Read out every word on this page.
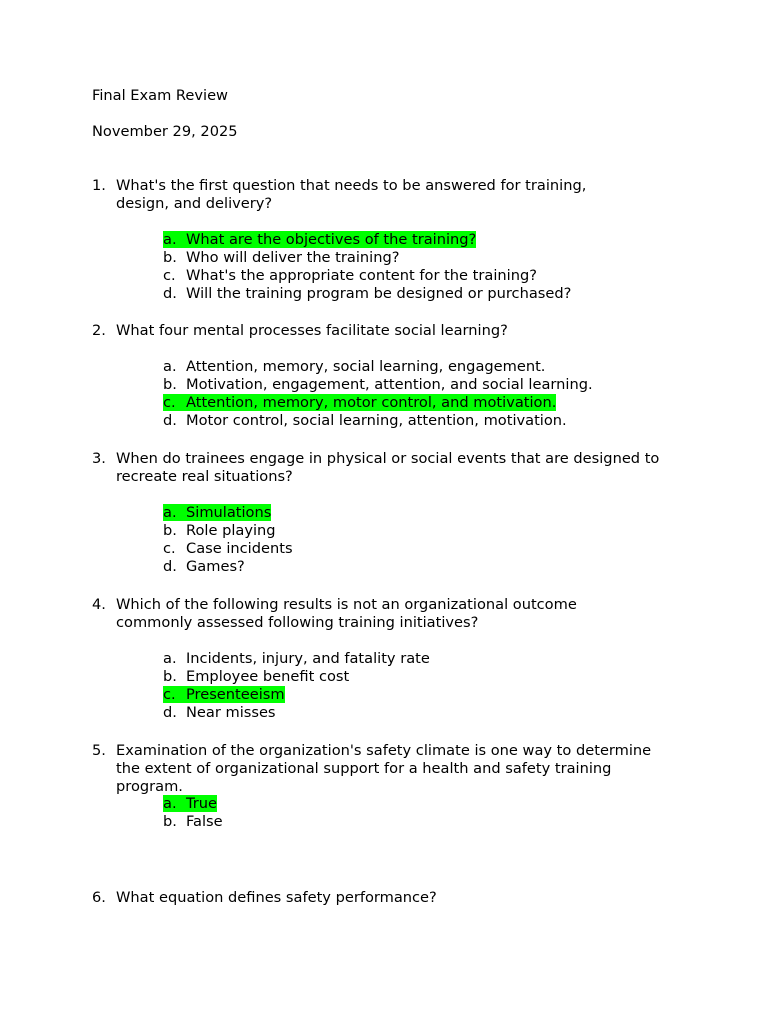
Final Exam Review
November 29, 2025
1. What's the first question that needs to be answered for training, design, and delivery?
a. What are the objectives of the training?
b. Who will deliver the training?
c. What's the appropriate content for the training?
d. Will the training program be designed or purchased?
2. What four mental processes facilitate social learning?
a. Attention, memory, social learning, engagement.
b. Motivation, engagement, attention, and social learning.
c. Attention, memory, motor control, and motivation.
d. Motor control, social learning, attention, motivation.
3. When do trainees engage in physical or social events that are designed to recreate real situations?
a. Simulations
b. Role playing
c. Case incidents
d. Games?
4. Which of the following results is not an organizational outcome commonly assessed following training initiatives?
a. Incidents, injury, and fatality rate
b. Employee benefit cost
c. Presenteeism
d. Near misses
5. Examination of the organization's safety climate is one way to determine the extent of organizational support for a health and safety training program.
a. True
b. False
6. What equation defines safety performance?
